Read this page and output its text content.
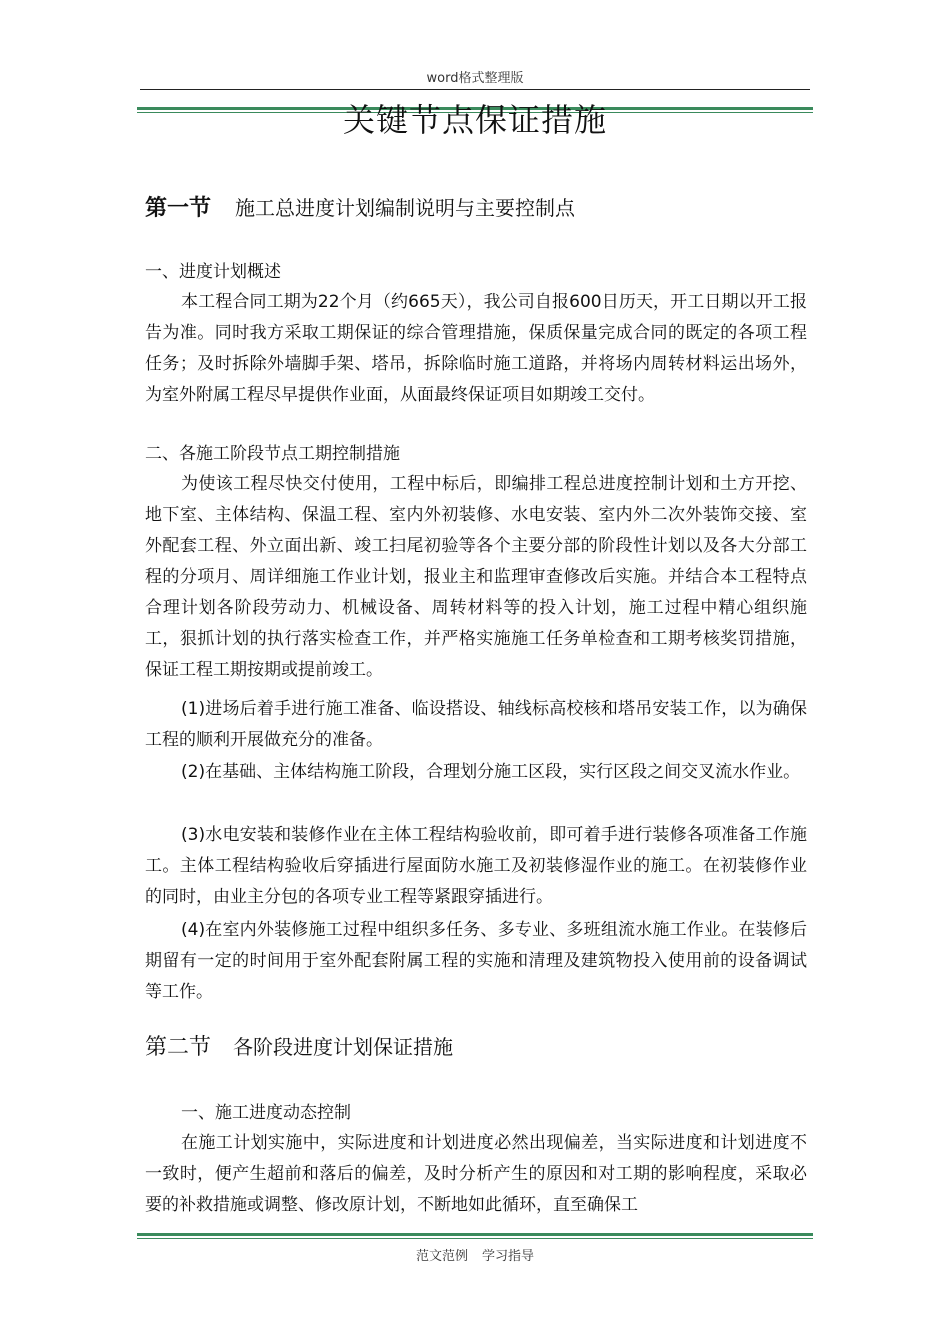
word格式整理版
关键节点保证措施
第一节 施工总进度计划编制说明与主要控制点
一、进度计划概述

本工程合同工期为22个月（约665天），我公司自报600日历天，开工日期以开工报告为准。同时我方采取工期保证的综合管理措施，保质保量完成合同的既定的各项工程任务；及时拆除外墙脚手架、塔吊，拆除临时施工道路，并将场内周转材料运出场外，为室外附属工程尽早提供作业面，从面最终保证项目如期竣工交付。

二、各施工阶段节点工期控制措施

为使该工程尽快交付使用，工程中标后，即编排工程总进度控制计划和土方开挖、地下室、主体结构、保温工程、室内外初装修、水电安装、室内外二次外装饰交接、室外配套工程、外立面出新、竣工扫尾初验等各个主要分部的阶段性计划以及各大分部工程的分项月、周详细施工作业计划，报业主和监理审查修改后实施。并结合本工程特点合理计划各阶段劳动力、机械设备、周转材料等的投入计划，施工过程中精心组织施工，狠抓计划的执行落实检查工作，并严格实施施工任务单检查和工期考核奖罚措施，保证工程工期按期或提前竣工。

(1)进场后着手进行施工准备、临设搭设、轴线标高校核和塔吊安装工作，以为确保工程的顺利开展做充分的准备。

(2)在基础、主体结构施工阶段，合理划分施工区段，实行区段之间交叉流水作业。

(3)水电安装和装修作业在主体工程结构验收前，即可着手进行装修各项准备工作施工。主体工程结构验收后穿插进行屋面防水施工及初装修湿作业的施工。在初装修作业的同时，由业主分包的各项专业工程等紧跟穿插进行。

(4)在室内外装修施工过程中组织多任务、多专业、多班组流水施工作业。在装修后期留有一定的时间用于室外配套附属工程的实施和清理及建筑物投入使用前的设备调试等工作。

第二节 各阶段进度计划保证措施
一、施工进度动态控制

在施工计划实施中，实际进度和计划进度必然出现偏差，当实际进度和计划进度不一致时，便产生超前和落后的偏差，及时分析产生的原因和对工期的影响程度，采取必要的补救措施或调整、修改原计划，不断地如此循环，直至确保工

范文范例 学习指导
